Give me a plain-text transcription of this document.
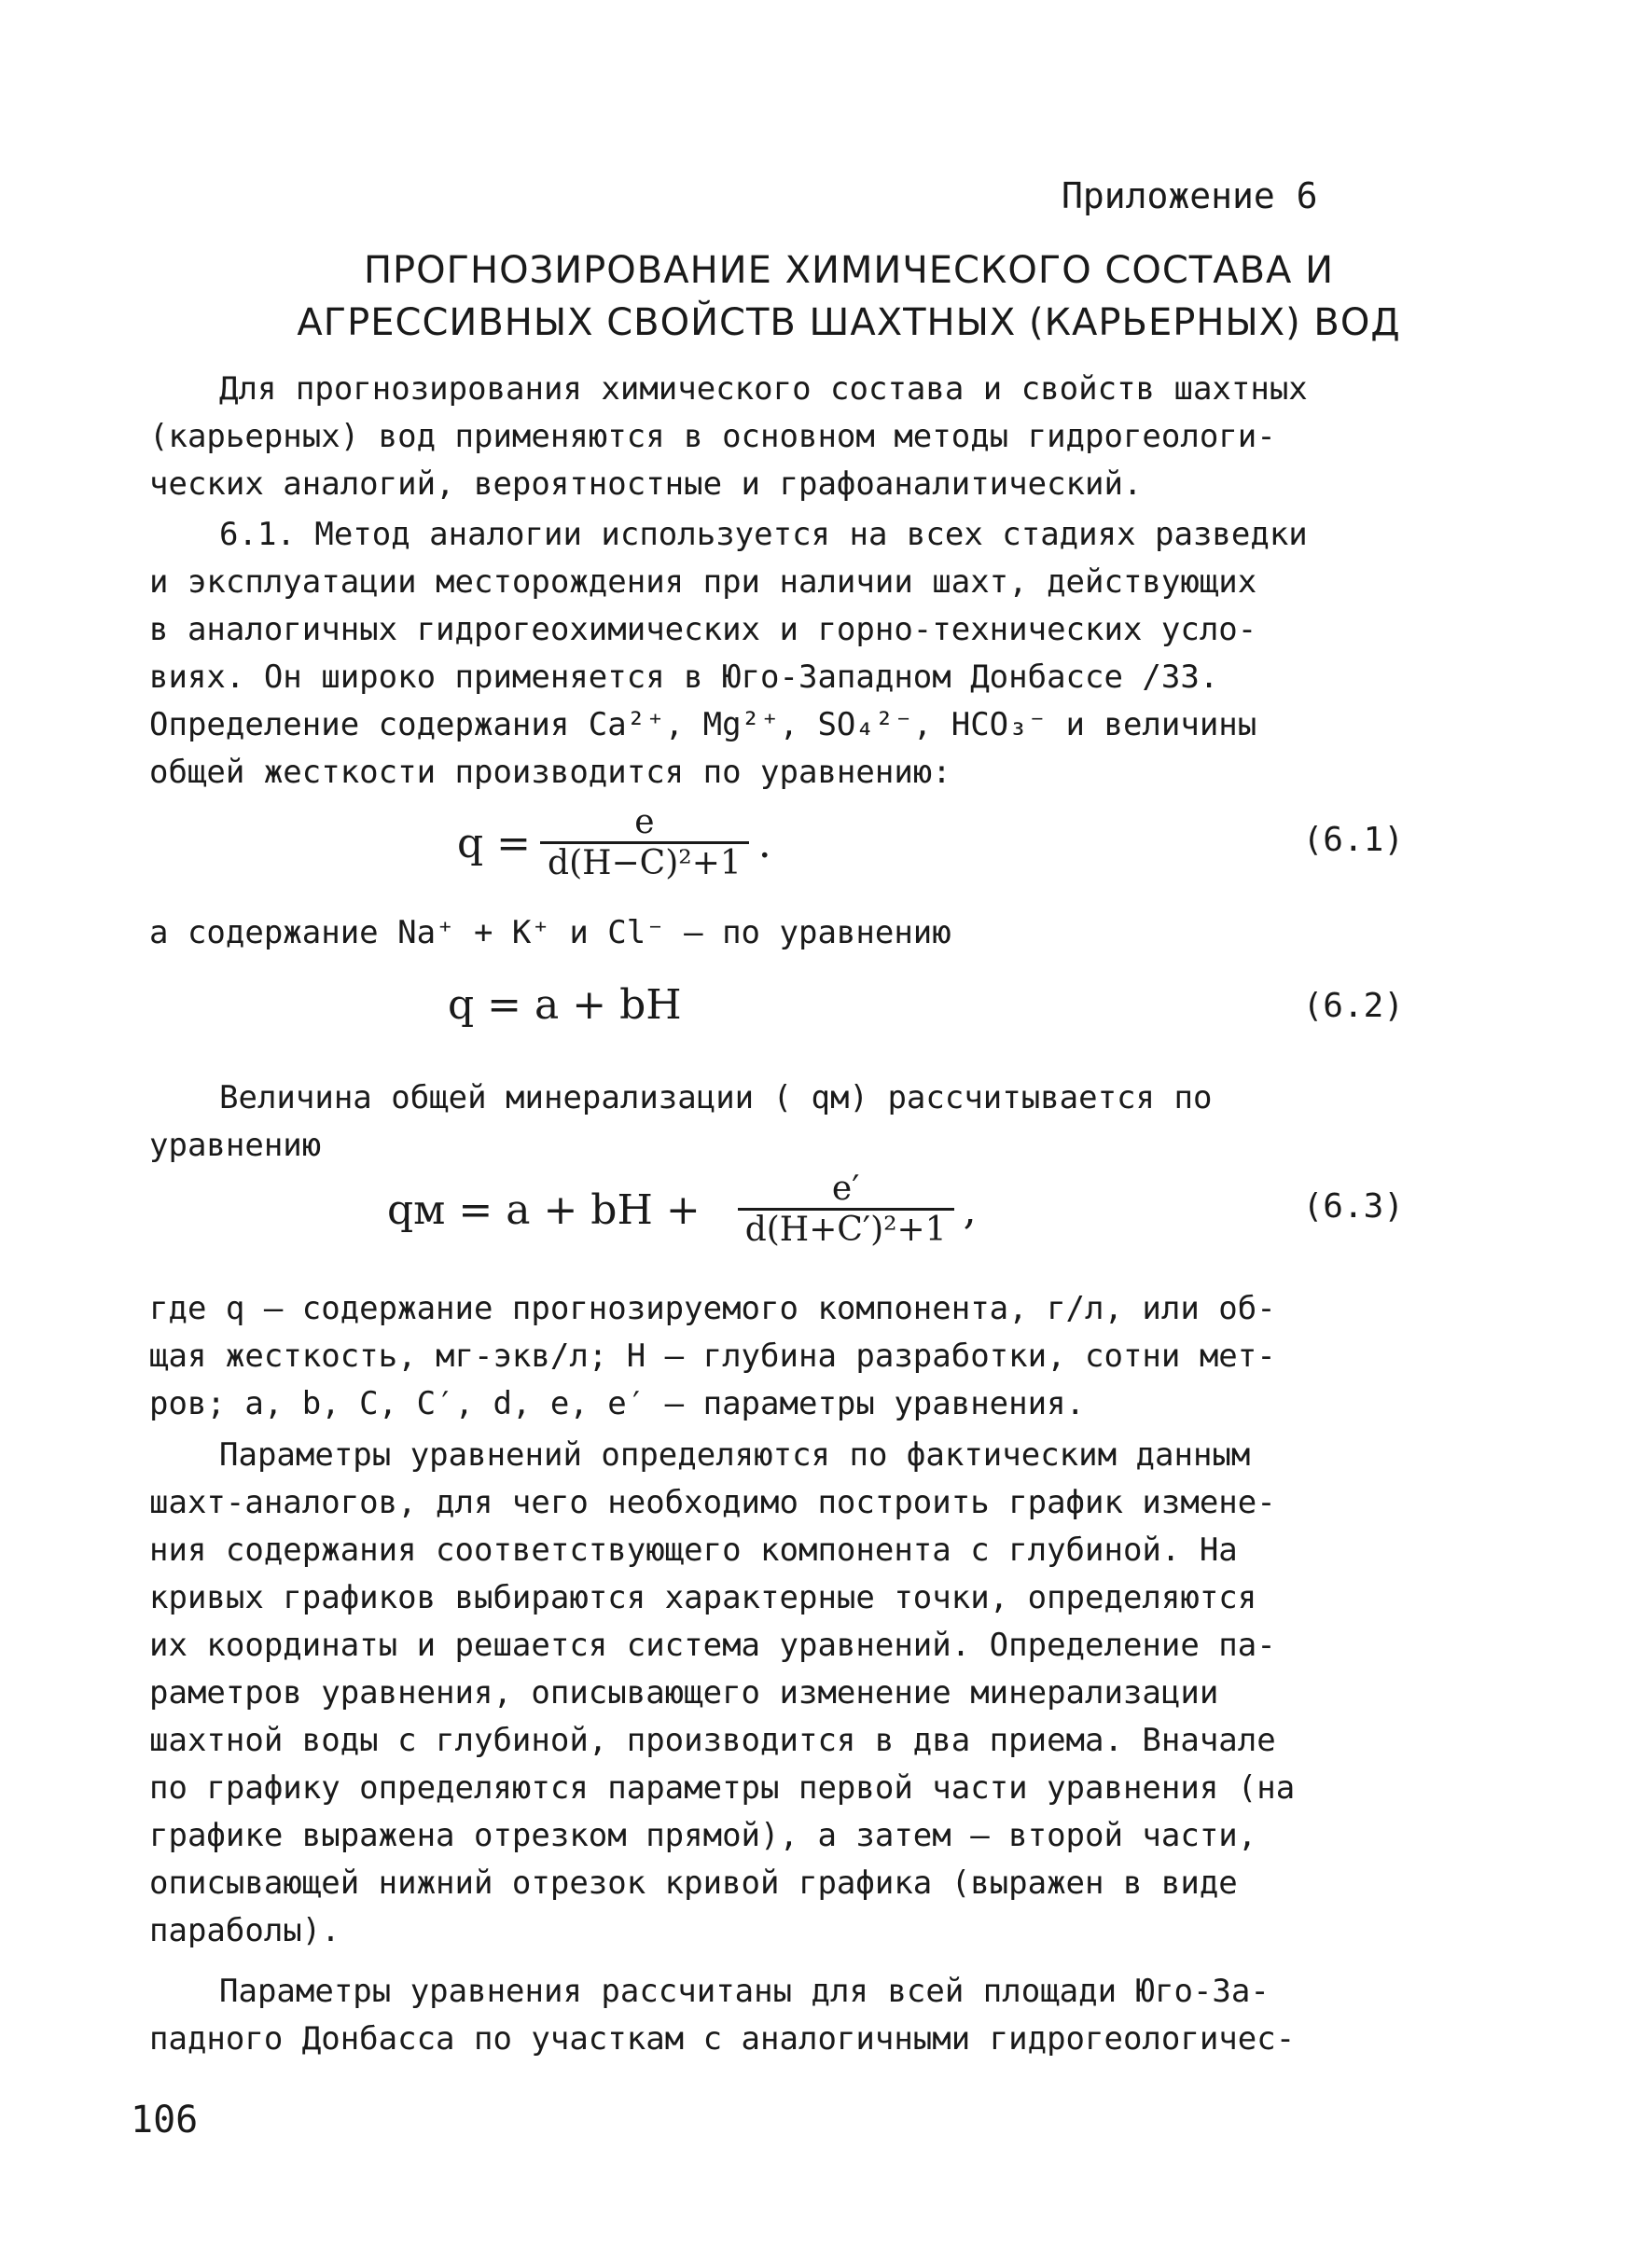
Приложение 6
ПРОГНОЗИРОВАНИЕ ХИМИЧЕСКОГО СОСТАВА И
АГРЕССИВНЫХ СВОЙСТВ ШАХТНЫХ (КАРЬЕРНЫХ) ВОД
Для прогнозирования химического состава и свойств шахтных
(карьерных) вод применяются в основном методы гидрогеологи-
ческих аналогий, вероятностные и графоаналитический.
6.1. Метод аналогии используется на всех стадиях разведки
и эксплуатации месторождения при наличии шахт, действующих
в аналогичных гидрогеохимических и горно-технических усло-
виях. Он широко применяется в Юго-Западном Донбассе /33.
Определение содержания Ca²⁺, Mg²⁺, SO₄²⁻, HCO₃⁻ и величины
общей жесткости производится по уравнению:
$q = \frac{e}{\text{d(H−C)²+1}}$ .	(6.1)
а содержание Na⁺ + K⁺ и Cl⁻ – по уравнению
q = a + bH	(6.2)
Величина общей минерализации ( qм) рассчитывается по
уравнению
qм = a + bH + $\frac{e'}{\text{d(H+C′)²+1}}$ ,	(6.3)
где q – содержание прогнозируемого компонента, г/л, или об-
щая жесткость, мг-экв/л; H – глубина разработки, сотни мет-
ров; a, b, C, C′, d, e, e′ – параметры уравнения.
Параметры уравнений определяются по фактическим данным
шахт-аналогов, для чего необходимо построить график измене-
ния содержания соответствующего компонента с глубиной. На
кривых графиков выбираются характерные точки, определяются
их координаты и решается система уравнений. Определение па-
раметров уравнения, описывающего изменение минерализации
шахтной воды с глубиной, производится в два приема. Вначале
по графику определяются параметры первой части уравнения (на
графике выражена отрезком прямой), а затем – второй части,
описывающей нижний отрезок кривой графика (выражен в виде
параболы).
Параметры уравнения рассчитаны для всей площади Юго-За-
падного Донбасса по участкам с аналогичными гидрогеологичес-
106
